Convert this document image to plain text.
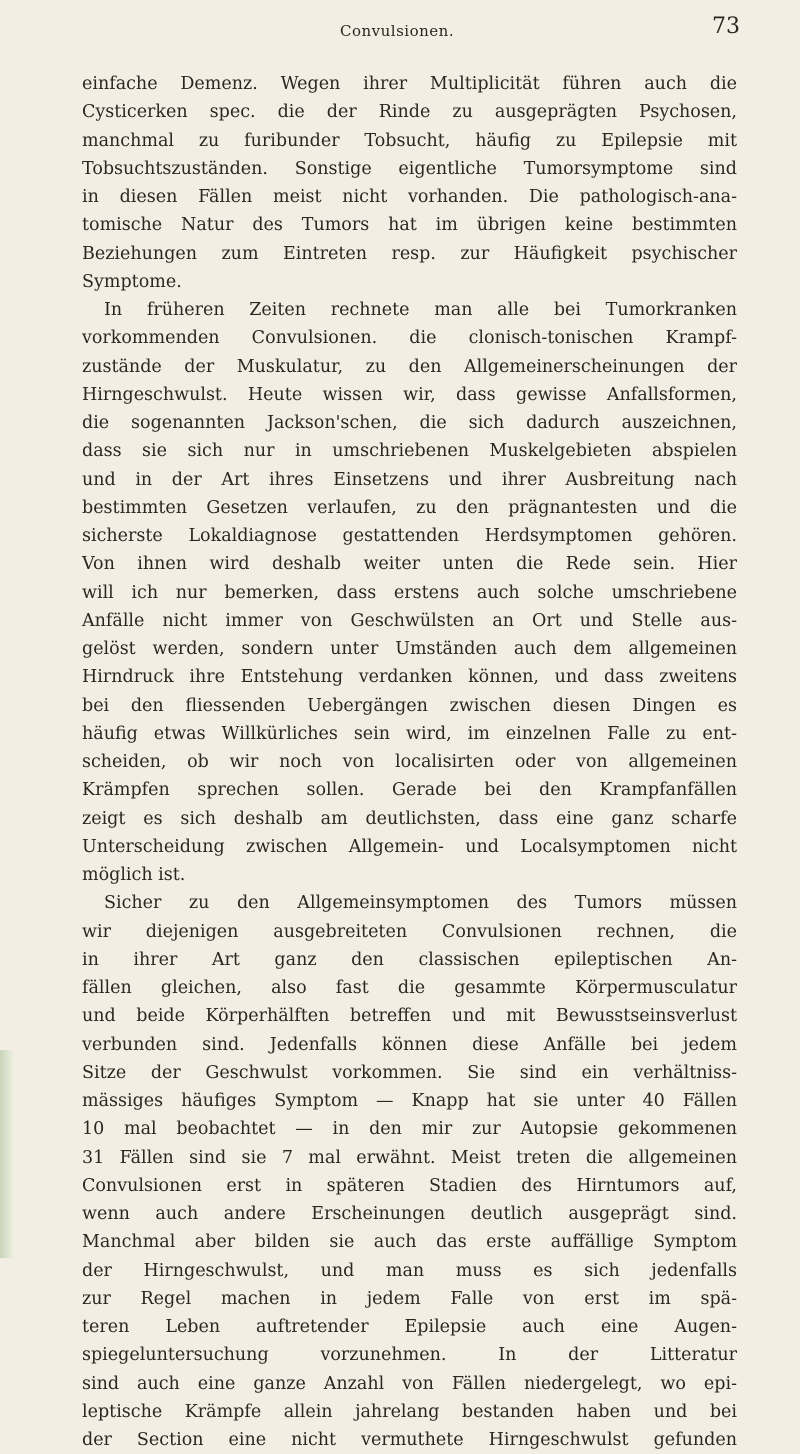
Convulsionen.	73
einfache Demenz. Wegen ihrer Multiplicität führen auch die
Cysticerken spec. die der Rinde zu ausgeprägten Psychosen,
manchmal zu furibunder Tobsucht, häufig zu Epilepsie mit
Tobsuchtszuständen. Sonstige eigentliche Tumorsymptome sind
in diesen Fällen meist nicht vorhanden. Die pathologisch-ana-
tomische Natur des Tumors hat im übrigen keine bestimmten
Beziehungen zum Eintreten resp. zur Häufigkeit psychischer
Symptome.
In früheren Zeiten rechnete man alle bei Tumorkranken
vorkommenden Convulsionen. die clonisch-tonischen Krampf-
zustände der Muskulatur, zu den Allgemeinerscheinungen der
Hirngeschwulst. Heute wissen wir, dass gewisse Anfallsformen,
die sogenannten Jackson'schen, die sich dadurch auszeichnen,
dass sie sich nur in umschriebenen Muskelgebieten abspielen
und in der Art ihres Einsetzens und ihrer Ausbreitung nach
bestimmten Gesetzen verlaufen, zu den prägnantesten und die
sicherste Lokaldiagnose gestattenden Herdsymptomen gehören.
Von ihnen wird deshalb weiter unten die Rede sein. Hier
will ich nur bemerken, dass erstens auch solche umschriebene
Anfälle nicht immer von Geschwülsten an Ort und Stelle aus-
gelöst werden, sondern unter Umständen auch dem allgemeinen
Hirndruck ihre Entstehung verdanken können, und dass zweitens
bei den fliessenden Uebergängen zwischen diesen Dingen es
häufig etwas Willkürliches sein wird, im einzelnen Falle zu ent-
scheiden, ob wir noch von localisirten oder von allgemeinen
Krämpfen sprechen sollen. Gerade bei den Krampfanfällen
zeigt es sich deshalb am deutlichsten, dass eine ganz scharfe
Unterscheidung zwischen Allgemein- und Localsymptomen nicht
möglich ist.
Sicher zu den Allgemeinsymptomen des Tumors müssen
wir diejenigen ausgebreiteten Convulsionen rechnen, die
in ihrer Art ganz den classischen epileptischen An-
fällen gleichen, also fast die gesammte Körpermusculatur
und beide Körperhälften betreffen und mit Bewusstseinsverlust
verbunden sind. Jedenfalls können diese Anfälle bei jedem
Sitze der Geschwulst vorkommen. Sie sind ein verhältniss-
mässiges häufiges Symptom — Knapp hat sie unter 40 Fällen
10 mal beobachtet — in den mir zur Autopsie gekommenen
31 Fällen sind sie 7 mal erwähnt. Meist treten die allgemeinen
Convulsionen erst in späteren Stadien des Hirntumors auf,
wenn auch andere Erscheinungen deutlich ausgeprägt sind.
Manchmal aber bilden sie auch das erste auffällige Symptom
der Hirngeschwulst, und man muss es sich jedenfalls
zur Regel machen in jedem Falle von erst im spä-
teren Leben auftretender Epilepsie auch eine Augen-
spiegeluntersuchung vorzunehmen. In der Litteratur
sind auch eine ganze Anzahl von Fällen niedergelegt, wo epi-
leptische Krämpfe allein jahrelang bestanden haben und bei
der Section eine nicht vermuthete Hirngeschwulst gefunden
